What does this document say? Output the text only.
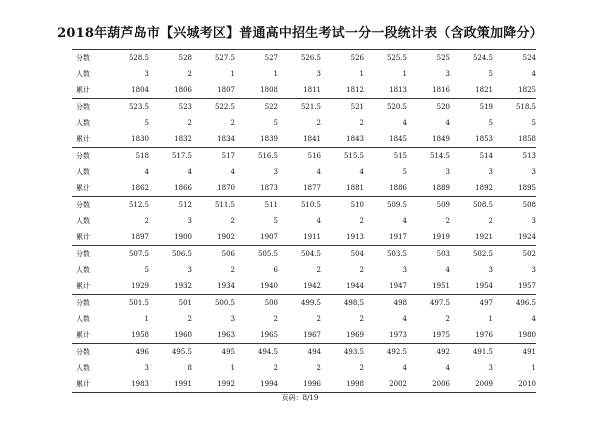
2018年葫芦岛市【兴城考区】普通高中招生考试一分一段统计表（含政策加降分）
分数	528.5	528	527.5	527	526.5	526	525.5	525	524.5	524
人数	3	2	1	1	3	1	1	3	5	4
累计	1804	1806	1807	1808	1811	1812	1813	1816	1821	1825
分数	523.5	523	522.5	522	521.5	521	520.5	520	519	518.5
人数	5	2	2	5	2	2	4	4	5	5
累计	1830	1832	1834	1839	1841	1843	1845	1849	1853	1858
分数	518	517.5	517	516.5	516	515.5	515	514.5	514	513
人数	4	4	4	3	4	4	5	3	3	3
累计	1862	1866	1870	1873	1877	1881	1886	1889	1892	1895
分数	512.5	512	511.5	511	510.5	510	509.5	509	508.5	508
人数	2	3	2	5	4	2	4	2	2	3
累计	1897	1900	1902	1907	1911	1913	1917	1919	1921	1924
分数	507.5	506.5	506	505.5	504.5	504	503.5	503	502.5	502
人数	5	3	2	6	2	2	3	4	3	3
累计	1929	1932	1934	1940	1942	1944	1947	1951	1954	1957
分数	501.5	501	500.5	500	499.5	498.5	498	497.5	497	496.5
人数	1	2	3	2	2	2	4	2	1	4
累计	1958	1960	1963	1965	1967	1969	1973	1975	1976	1980
分数	496	495.5	495	494.5	494	493.5	492.5	492	491.5	491
人数	3	8	1	2	2	2	4	4	3	1
累计	1983	1991	1992	1994	1996	1998	2002	2006	2009	2010
页码：8/19
